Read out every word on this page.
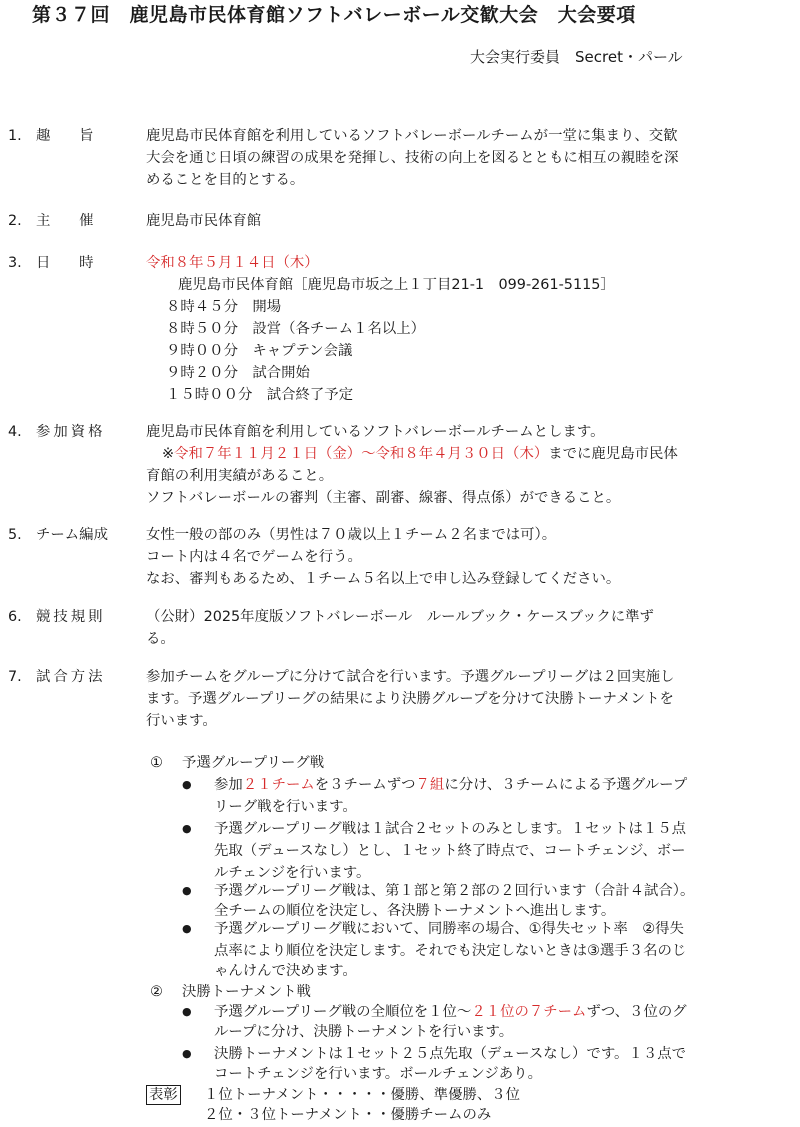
第３７回　鹿児島市民体育館ソフトバレーボール交歓大会　大会要項
大会実行委員　Secret・パール
1. 趣　　旨	鹿児島市民体育館を利用しているソフトバレーボールチームが一堂に集まり、交歓
大会を通じ日頃の練習の成果を発揮し、技術の向上を図るとともに相互の親睦を深
めることを目的とする。
2. 主　　催	鹿児島市民体育館
3. 日　　時	令和８年５月１４日（木）
鹿児島市民体育館［鹿児島市坂之上１丁目21-1　099-261-5115］
８時４５分　開場
８時５０分　設営（各チーム１名以上）
９時００分　キャプテン会議
９時２０分　試合開始
１５時００分　試合終了予定
4. 参加資格	鹿児島市民体育館を利用しているソフトバレーボールチームとします。
※令和７年１１月２１日（金）～令和８年４月３０日（木）までに鹿児島市民体
育館の利用実績があること。
ソフトバレーボールの審判（主審、副審、線審、得点係）ができること。
5. チーム編成	女性一般の部のみ（男性は７０歳以上１チーム２名までは可）。
コート内は４名でゲームを行う。
なお、審判もあるため、１チーム５名以上で申し込み登録してください。
6. 競技規則	（公財）2025年度版ソフトバレーボール　ルールブック・ケースブックに準ず
る。
7. 試合方法	参加チームをグループに分けて試合を行います。予選グループリーグは２回実施し
ます。予選グループリーグの結果により決勝グループを分けて決勝トーナメントを
行います。
① 予選グループリーグ戦
● 参加２１チームを３チームずつ７組に分け、３チームによる予選グループ
リーグ戦を行います。
● 予選グループリーグ戦は１試合２セットのみとします。１セットは１５点
先取（デュースなし）とし、１セット終了時点で、コートチェンジ、ボー
ルチェンジを行います。
● 予選グループリーグ戦は、第１部と第２部の２回行います（合計４試合）。
全チームの順位を決定し、各決勝トーナメントへ進出します。
● 予選グループリーグ戦において、同勝率の場合、①得失セット率　②得失
点率により順位を決定します。それでも決定しないときは③選手３名のじ
ゃんけんで決めます。
② 決勝トーナメント戦
● 予選グループリーグ戦の全順位を１位～２１位の７チームずつ、３位のグ
ループに分け、決勝トーナメントを行います。
● 決勝トーナメントは１セット２５点先取（デュースなし）です。１３点で
コートチェンジを行います。ボールチェンジあり。
表彰 １位トーナメント・・・・・優勝、準優勝、３位
２位・３位トーナメント・・優勝チームのみ
